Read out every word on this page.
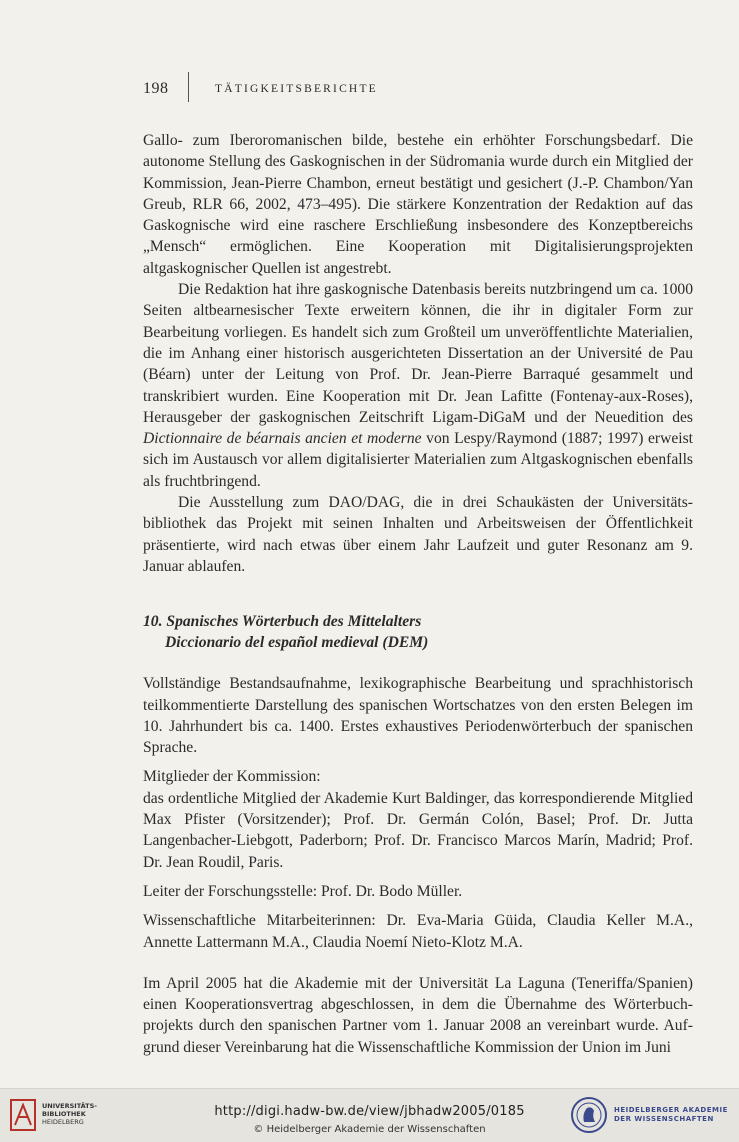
198	TÄTIGKEITSBERICHTE

Gallo- zum Iberoromanischen bilde, bestehe ein erhöhter Forschungsbedarf. Die autonome Stellung des Gaskognischen in der Südromania wurde durch ein Mitglied der Kommission, Jean-Pierre Chambon, erneut bestätigt und gesichert (J.-P. Chambon/Yan Greub, RLR 66, 2002, 473–495). Die stärkere Konzentration der Redaktion auf das Gaskognische wird eine raschere Erschließung insbesondere des Konzeptbereichs „Mensch“ ermöglichen. Eine Kooperation mit Digitalisierungsprojekten altgaskognischer Quellen ist angestrebt.

Die Redaktion hat ihre gaskognische Datenbasis bereits nutzbringend um ca. 1000 Seiten altbearnesischer Texte erweitern können, die ihr in digitaler Form zur Bearbeitung vorliegen. Es handelt sich zum Großteil um unveröffentlichte Materialien, die im Anhang einer historisch ausgerichteten Dissertation an der Université de Pau (Béarn) unter der Leitung von Prof. Dr. Jean-Pierre Barraqué gesammelt und transkribiert wurden. Eine Kooperation mit Dr. Jean Lafitte (Fontenay-aux-Roses), Herausgeber der gaskognischen Zeitschrift Ligam-DiGaM und der Neuedition des Dictionnaire de béarnais ancien et moderne von Lespy/Raymond (1887; 1997) erweist sich im Austausch vor allem digitalisierter Materialien zum Altgaskognischen ebenfalls als fruchtbringend.

Die Ausstellung zum DAO/DAG, die in drei Schaukästen der Universitätsbibliothek das Projekt mit seinen Inhalten und Arbeitsweisen der Öffentlichkeit präsentierte, wird nach etwas über einem Jahr Laufzeit und guter Resonanz am 9. Januar ablaufen.

10. Spanisches Wörterbuch des Mittelalters
Diccionario del español medieval (DEM)

Vollständige Bestandsaufnahme, lexikographische Bearbeitung und sprachhistorisch teilkommentierte Darstellung des spanischen Wortschatzes von den ersten Belegen im 10. Jahrhundert bis ca. 1400. Erstes exhaustives Periodenwörterbuch der spanischen Sprache.

Mitglieder der Kommission:

das ordentliche Mitglied der Akademie Kurt Baldinger, das korrespondierende Mitglied Max Pfister (Vorsitzender); Prof. Dr. Germán Colón, Basel; Prof. Dr. Jutta Langenbacher-Liebgott, Paderborn; Prof. Dr. Francisco Marcos Marín, Madrid; Prof. Dr. Jean Roudil, Paris.

Leiter der Forschungsstelle: Prof. Dr. Bodo Müller.

Wissenschaftliche Mitarbeiterinnen: Dr. Eva-Maria Güida, Claudia Keller M.A., Annette Lattermann M.A., Claudia Noemí Nieto-Klotz M.A.

Im April 2005 hat die Akademie mit der Universität La Laguna (Teneriffa/Spanien) einen Kooperationsvertrag abgeschlossen, in dem die Übernahme des Wörterbuchprojekts durch den spanischen Partner vom 1. Januar 2008 an vereinbart wurde. Aufgrund dieser Vereinbarung hat die Wissenschaftliche Kommission der Union im Juni

UNIVERSITÄTS-
BIBLIOTHEK
HEIDELBERG
http://digi.hadw-bw.de/view/jbhadw2005/0185
© Heidelberger Akademie der Wissenschaften
HEIDELBERGER AKADEMIE
DER WISSENSCHAFTEN
